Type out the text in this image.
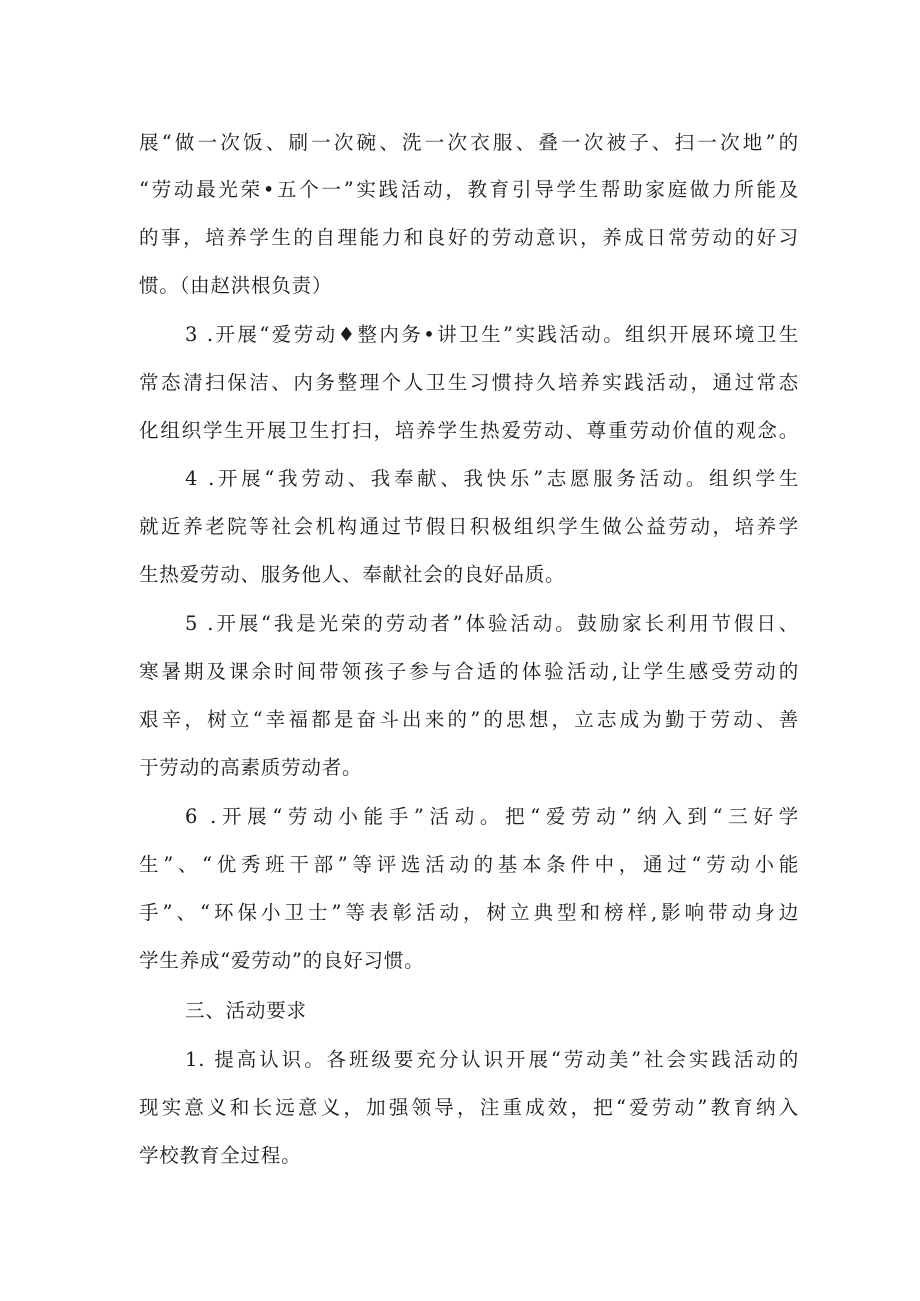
展“做一次饭、刷一次碗、洗一次衣服、叠一次被子、扫一次地”的
“劳动最光荣•五个一”实践活动，教育引导学生帮助家庭做力所能及
的事，培养学生的自理能力和良好的劳动意识，养成日常劳动的好习
惯。（由赵洪根负责）
3 .开展“爱劳动♦整内务•讲卫生”实践活动。组织开展环境卫生
常态清扫保洁、内务整理个人卫生习惯持久培养实践活动，通过常态
化组织学生开展卫生打扫，培养学生热爱劳动、尊重劳动价值的观念。
4 .开展“我劳动、我奉献、我快乐”志愿服务活动。组织学生
就近养老院等社会机构通过节假日积极组织学生做公益劳动，培养学
生热爱劳动、服务他人、奉献社会的良好品质。
5 .开展“我是光荣的劳动者”体验活动。鼓励家长利用节假日、
寒暑期及课余时间带领孩子参与合适的体验活动,让学生感受劳动的
艰辛，树立“幸福都是奋斗出来的”的思想，立志成为勤于劳动、善
于劳动的高素质劳动者。
6 .开展“劳动小能手”活动。把“爱劳动”纳入到“三好学
生”、“优秀班干部”等评选活动的基本条件中，通过“劳动小能
手”、“环保小卫士”等表彰活动，树立典型和榜样,影响带动身边
学生养成“爱劳动”的良好习惯。
三、活动要求
1. 提高认识。各班级要充分认识开展“劳动美”社会实践活动的
现实意义和长远意义，加强领导，注重成效，把“爱劳动”教育纳入
学校教育全过程。
